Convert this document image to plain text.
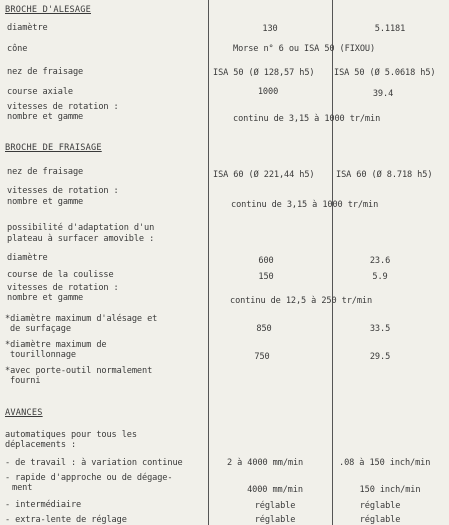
BROCHE D'ALESAGE
diamètre	130	5.1181
cône	Morse n° 6 ou ISA 50 (FIXOU)
nez de fraisage	ISA 50 (Ø 128,57 h5) ISA 50 (Ø 5.0618 h5)
course axiale	1000	39.4
vitesses de rotation :
nombre et gamme	continu de 3,15 à 1000 tr/min
BROCHE DE FRAISAGE
nez de fraisage	ISA 60 (Ø 221,44 h5)	ISA 60 (Ø 8.718 h5)
vitesses de rotation :
nombre et gamme	continu de 3,15 à 1000 tr/min
possibilité d'adaptation d'un
plateau à surfacer amovible :
diamètre	600	23.6
course de la coulisse	150	5.9
vitesses de rotation :
nombre et gamme	continu de 12,5 à 250 tr/min
*diamètre maximum d'alésage et
de surfaçage	850	33.5
*diamètre maximum de
tourillonnage	750	29.5
*avec porte-outil normalement
fourni
AVANCES
automatiques pour tous les
déplacements :
- de travail : à variation continue	2 à 4000 mm/min	.08 à 150 inch/min
- rapide d'approche ou de dégage-
ment	4000 mm/min	150 inch/min
- intermédiaire	réglable	réglable
- extra-lente de réglage	réglable	réglable
